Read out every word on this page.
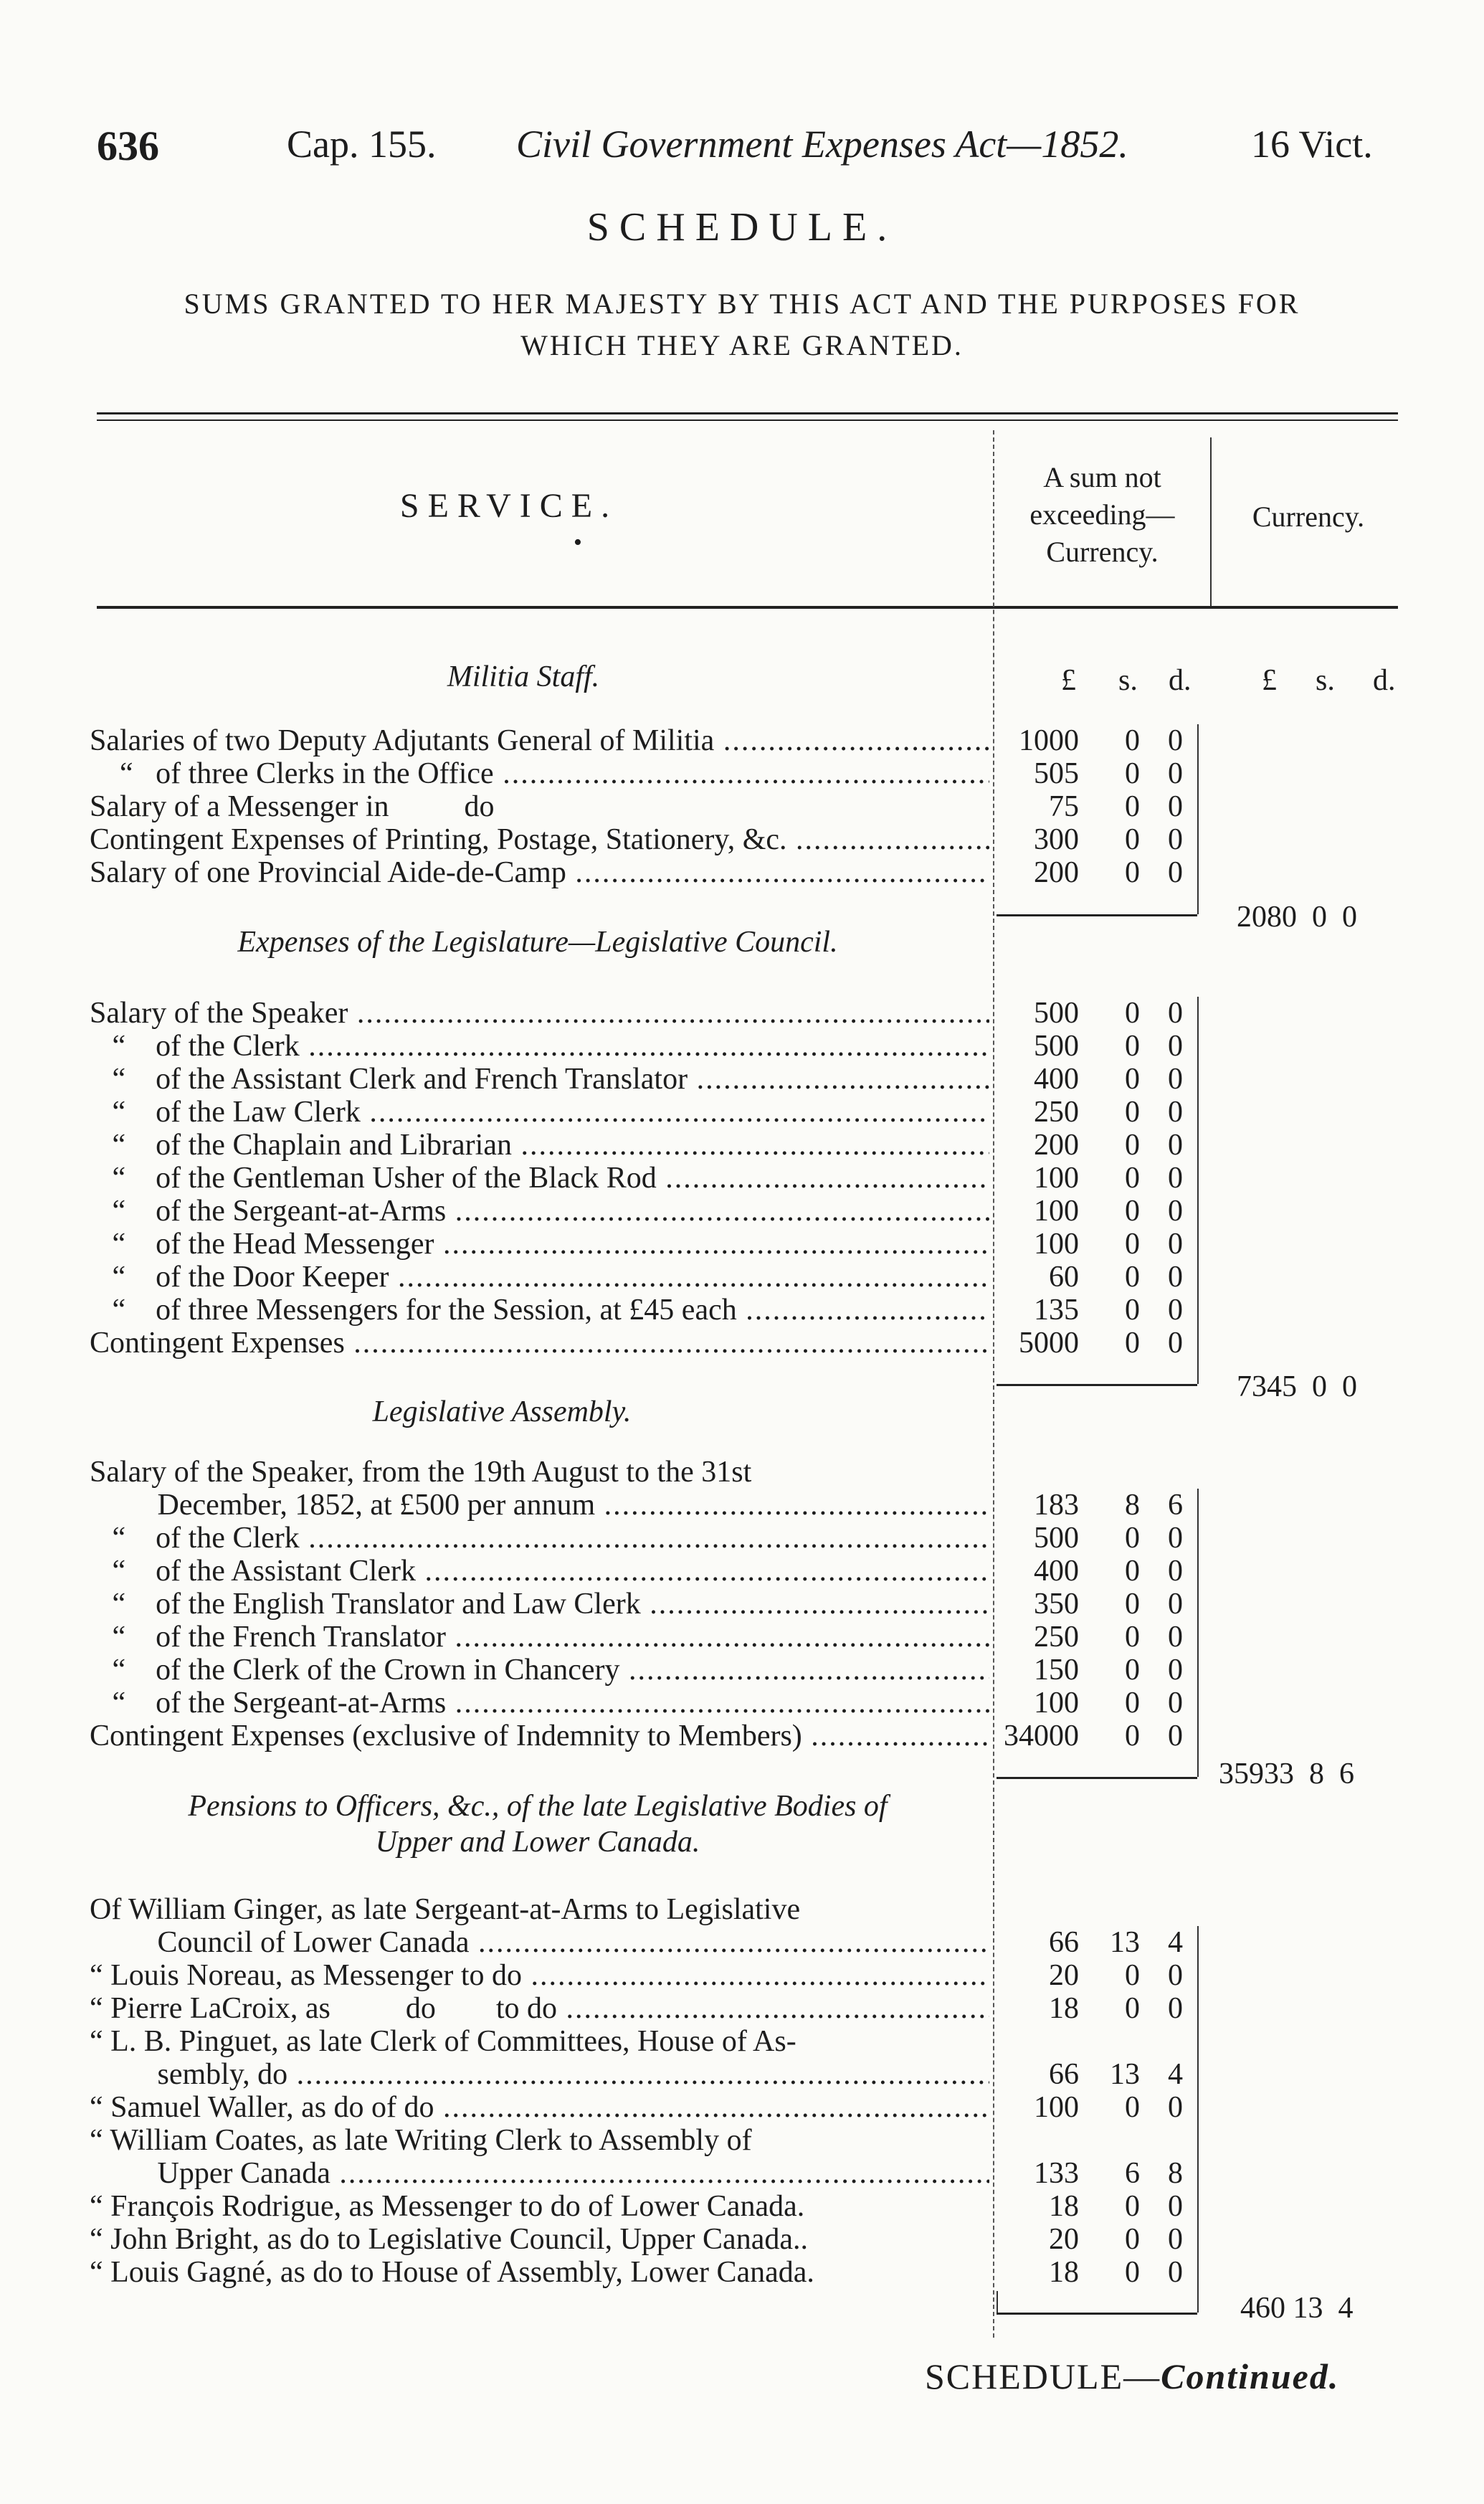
636	Cap. 155. Civil Government Expenses Act—1852.	16 Vict.
SCHEDULE.
SUMS GRANTED TO HER MAJESTY BY THIS ACT AND THE PURPOSES FOR
WHICH THEY ARE GRANTED.
SERVICE.
•
A sum not
exceeding—
Currency.
Currency.
£ s. d. £ s. d.
Militia Staff.
Salaries of two Deputy Adjutants General of Militia .....	1000	0 0
“   of three Clerks in the Office .....	505	0 0
Salary of a Messenger in          do	75	0 0
Contingent Expenses of Printing, Postage, Stationery, &c. .....	300	0 0
Salary of one Provincial Aide-de-Camp .....	200	0 0
2080  0  0
Expenses of the Legislature—Legislative Council.
Salary of the Speaker .....	500	0 0
“    of the Clerk .....	500	0 0
“    of the Assistant Clerk and French Translator .....	400	0 0
“    of the Law Clerk .....	250	0 0
“    of the Chaplain and Librarian .....	200	0 0
“    of the Gentleman Usher of the Black Rod .....	100	0 0
“    of the Sergeant-at-Arms .....	100	0 0
“    of the Head Messenger .....	100	0 0
“    of the Door Keeper .....	60	0 0
“    of three Messengers for the Session, at £45 each .....	135	0 0
Contingent Expenses .....	5000	0 0
7345  0  0
Legislative Assembly.
Salary of the Speaker, from the 19th August to the 31st
December, 1852, at £500 per annum .....	183	8 6
“    of the Clerk .....	500	0 0
“    of the Assistant Clerk .....	400	0 0
“    of the English Translator and Law Clerk .....	350	0 0
“    of the French Translator .....	250	0 0
“    of the Clerk of the Crown in Chancery .....	150	0 0
“    of the Sergeant-at-Arms .....	100	0 0
Contingent Expenses (exclusive of Indemnity to Members) .....	34000	0 0
35933  8  6
Pensions to Officers, &c., of the late Legislative Bodies of
Upper and Lower Canada.
Of William Ginger, as late Sergeant-at-Arms to Legislative
Council of Lower Canada .....	66	13 4
“ Louis Noreau, as Messenger to do .....	20	0 0
“ Pierre LaCroix, as          do        to do .....	18	0 0
“ L. B. Pinguet, as late Clerk of Committees, House of As-
sembly, do .....	66	13 4
“ Samuel Waller, as do of do .....	100	0 0
“ William Coates, as late Writing Clerk to Assembly of
Upper Canada .....	133	6 8
“ François Rodrigue, as Messenger to do of Lower Canada.	18	0 0
“ John Bright, as do to Legislative Council, Upper Canada..	20	0 0
“ Louis Gagné, as do to House of Assembly, Lower Canada.	18	0 0
460 13  4
SCHEDULE—Continued.
